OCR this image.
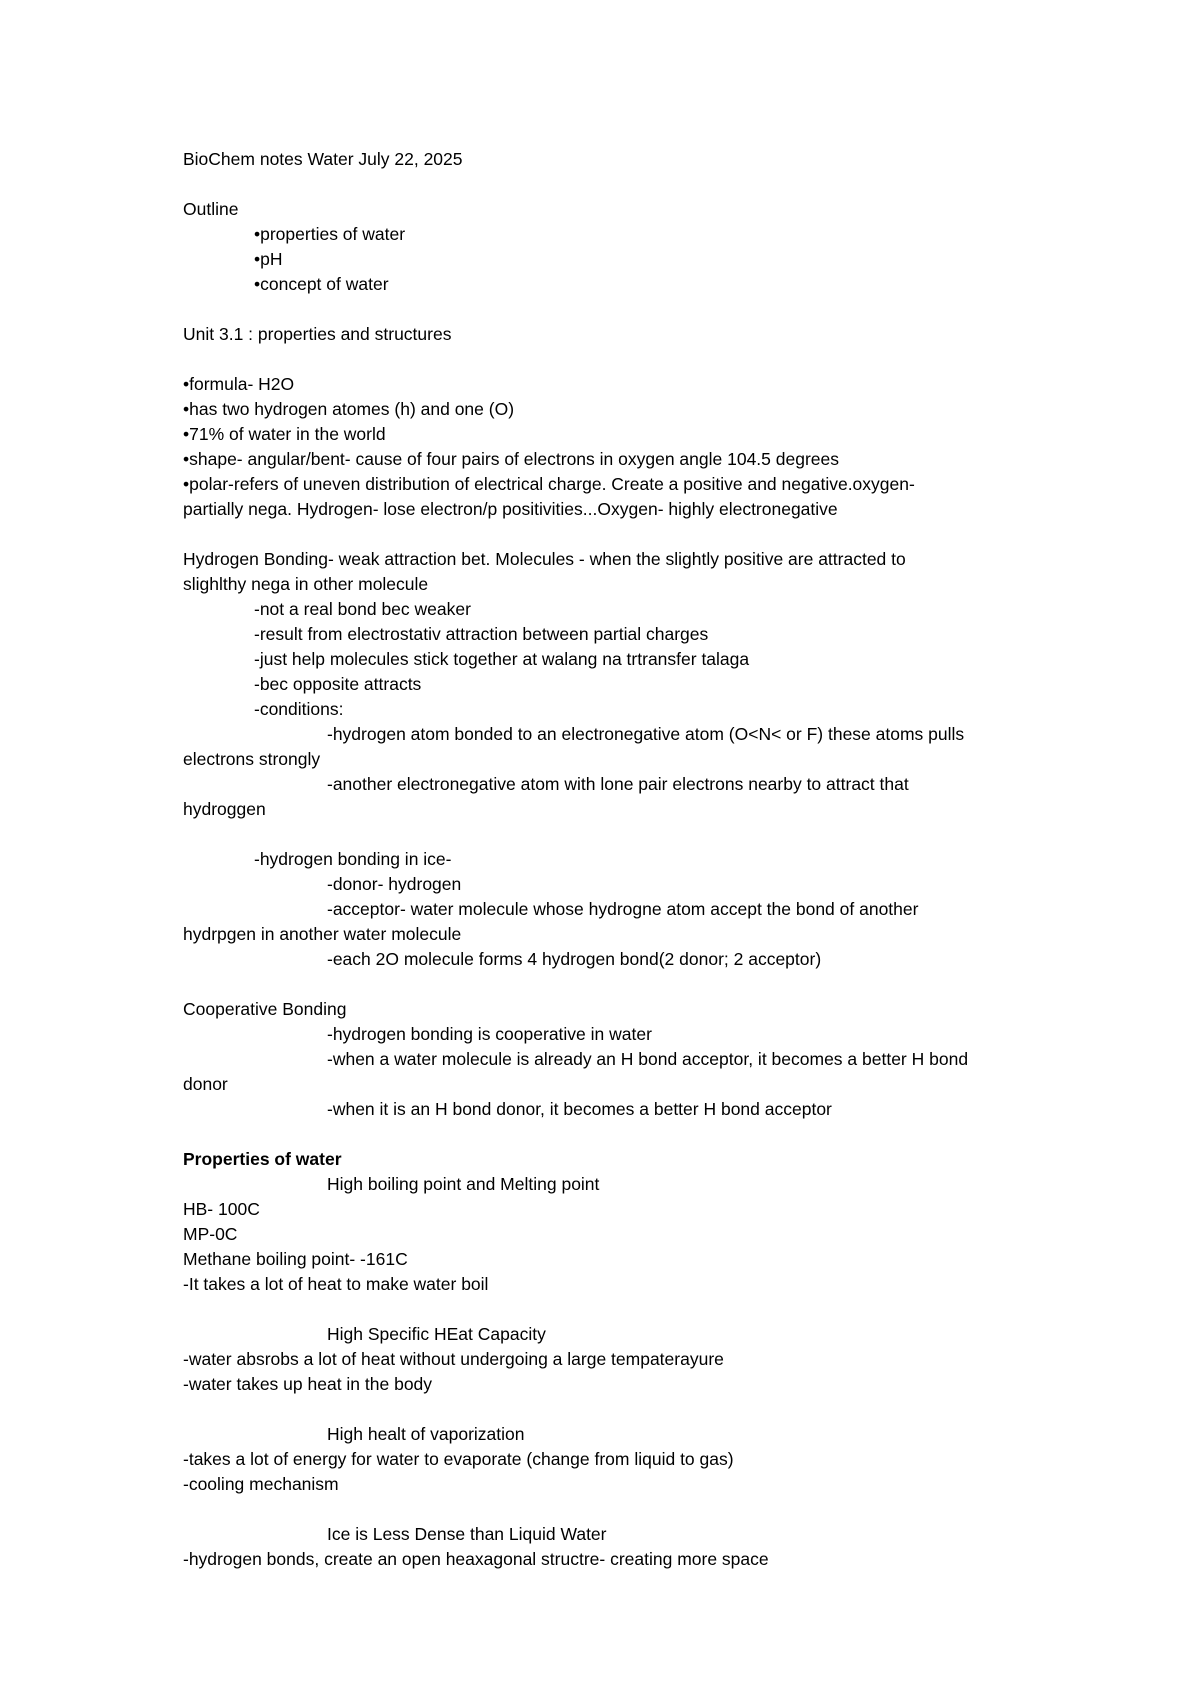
BioChem notes Water July 22, 2025
Outline
•properties of water
•pH
•concept of water
Unit 3.1 : properties and structures
•formula- H2O
•has two hydrogen atomes (h) and one (O)
•71% of water in the world
•shape- angular/bent- cause of four pairs of electrons in oxygen angle 104.5 degrees
•polar-refers of uneven distribution of electrical charge. Create a positive and negative.oxygen-
partially nega. Hydrogen- lose electron/p positivities...Oxygen- highly electronegative
Hydrogen Bonding- weak attraction bet. Molecules - when the slightly positive are attracted to
slighlthy nega in other molecule
-not a real bond bec weaker
-result from electrostativ attraction between partial charges
-just help molecules stick together at walang na trtransfer talaga
-bec opposite attracts
-conditions:
-hydrogen atom bonded to an electronegative atom (O<N< or F) these atoms pulls
electrons strongly
-another electronegative atom with lone pair electrons nearby to attract that
hydroggen
-hydrogen bonding in ice-
-donor- hydrogen
-acceptor- water molecule whose hydrogne atom accept the bond of another
hydrpgen in another water molecule
-each 2O molecule forms 4 hydrogen bond(2 donor; 2 acceptor)
Cooperative Bonding
-hydrogen bonding is cooperative in water
-when a water molecule is already an H bond acceptor, it becomes a better H bond
donor
-when it is an H bond donor, it becomes a better H bond acceptor
Properties of water
High boiling point and Melting point
HB- 100C
MP-0C
Methane boiling point- -161C
-It takes a lot of heat to make water boil
High Specific HEat Capacity
-water absrobs a lot of heat without undergoing a large tempaterayure
-water takes up heat in the body
High healt of vaporization
-takes a lot of energy for water to evaporate (change from liquid to gas)
-cooling mechanism
Ice is Less Dense than Liquid Water
-hydrogen bonds, create an open heaxagonal structre- creating more space
